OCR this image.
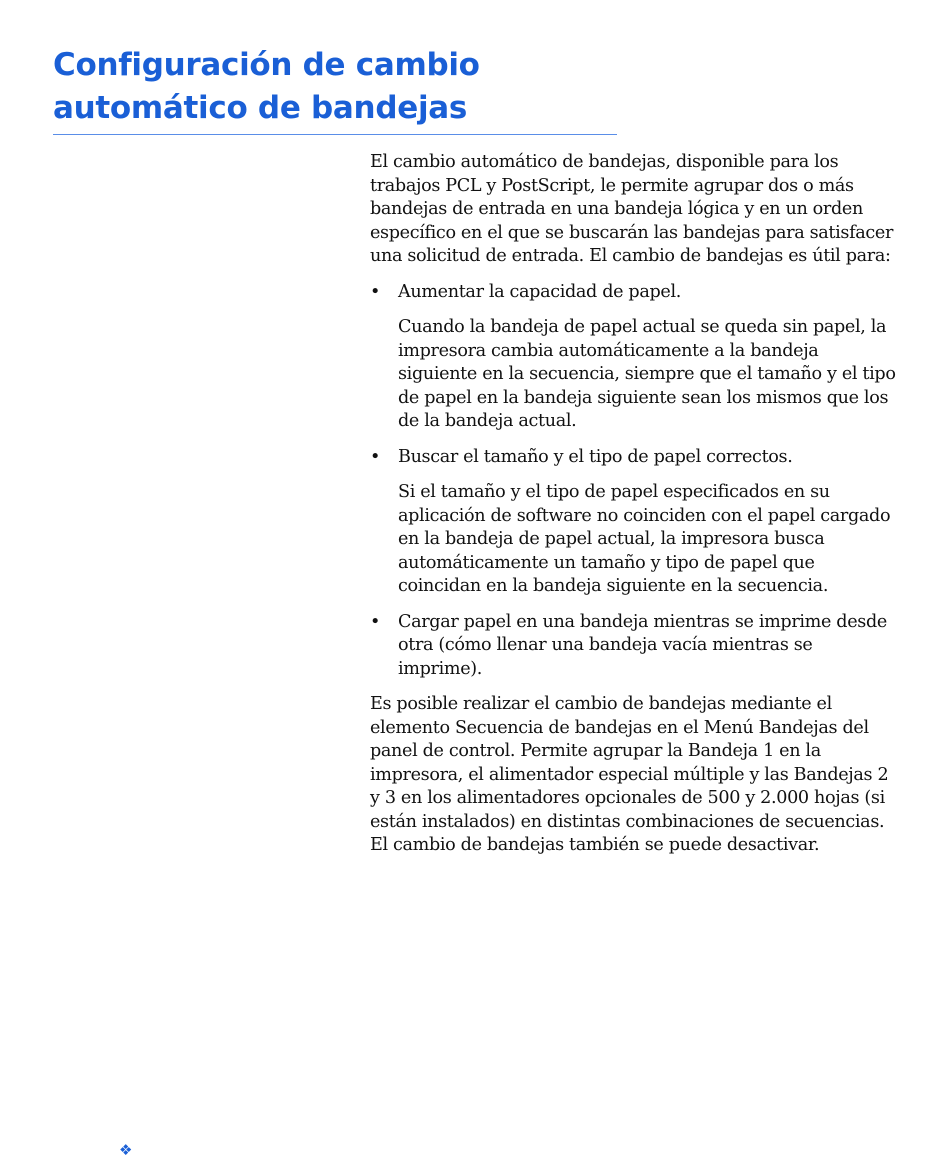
Configuración de cambio
automático de bandejas

El cambio automático de bandejas, disponible para los trabajos PCL y PostScript, le permite agrupar dos o más bandejas de entrada en una bandeja lógica y en un orden específico en el que se buscarán las bandejas para satisfacer una solicitud de entrada. El cambio de bandejas es útil para:

• Aumentar la capacidad de papel.

Cuando la bandeja de papel actual se queda sin papel, la impresora cambia automáticamente a la bandeja siguiente en la secuencia, siempre que el tamaño y el tipo de papel en la bandeja siguiente sean los mismos que los de la bandeja actual.

• Buscar el tamaño y el tipo de papel correctos.

Si el tamaño y el tipo de papel especificados en su aplicación de software no coinciden con el papel cargado en la bandeja de papel actual, la impresora busca automáticamente un tamaño y tipo de papel que coincidan en la bandeja siguiente en la secuencia.

• Cargar papel en una bandeja mientras se imprime desde otra (cómo llenar una bandeja vacía mientras se imprime).

Es posible realizar el cambio de bandejas mediante el elemento Secuencia de bandejas en el Menú Bandejas del panel de control. Permite agrupar la Bandeja 1 en la impresora, el alimentador especial múltiple y las Bandejas 2 y 3 en los alimentadores opcionales de 500 y 2.000 hojas (si están instalados) en distintas combinaciones de secuencias. El cambio de bandejas también se puede desactivar.

❖
